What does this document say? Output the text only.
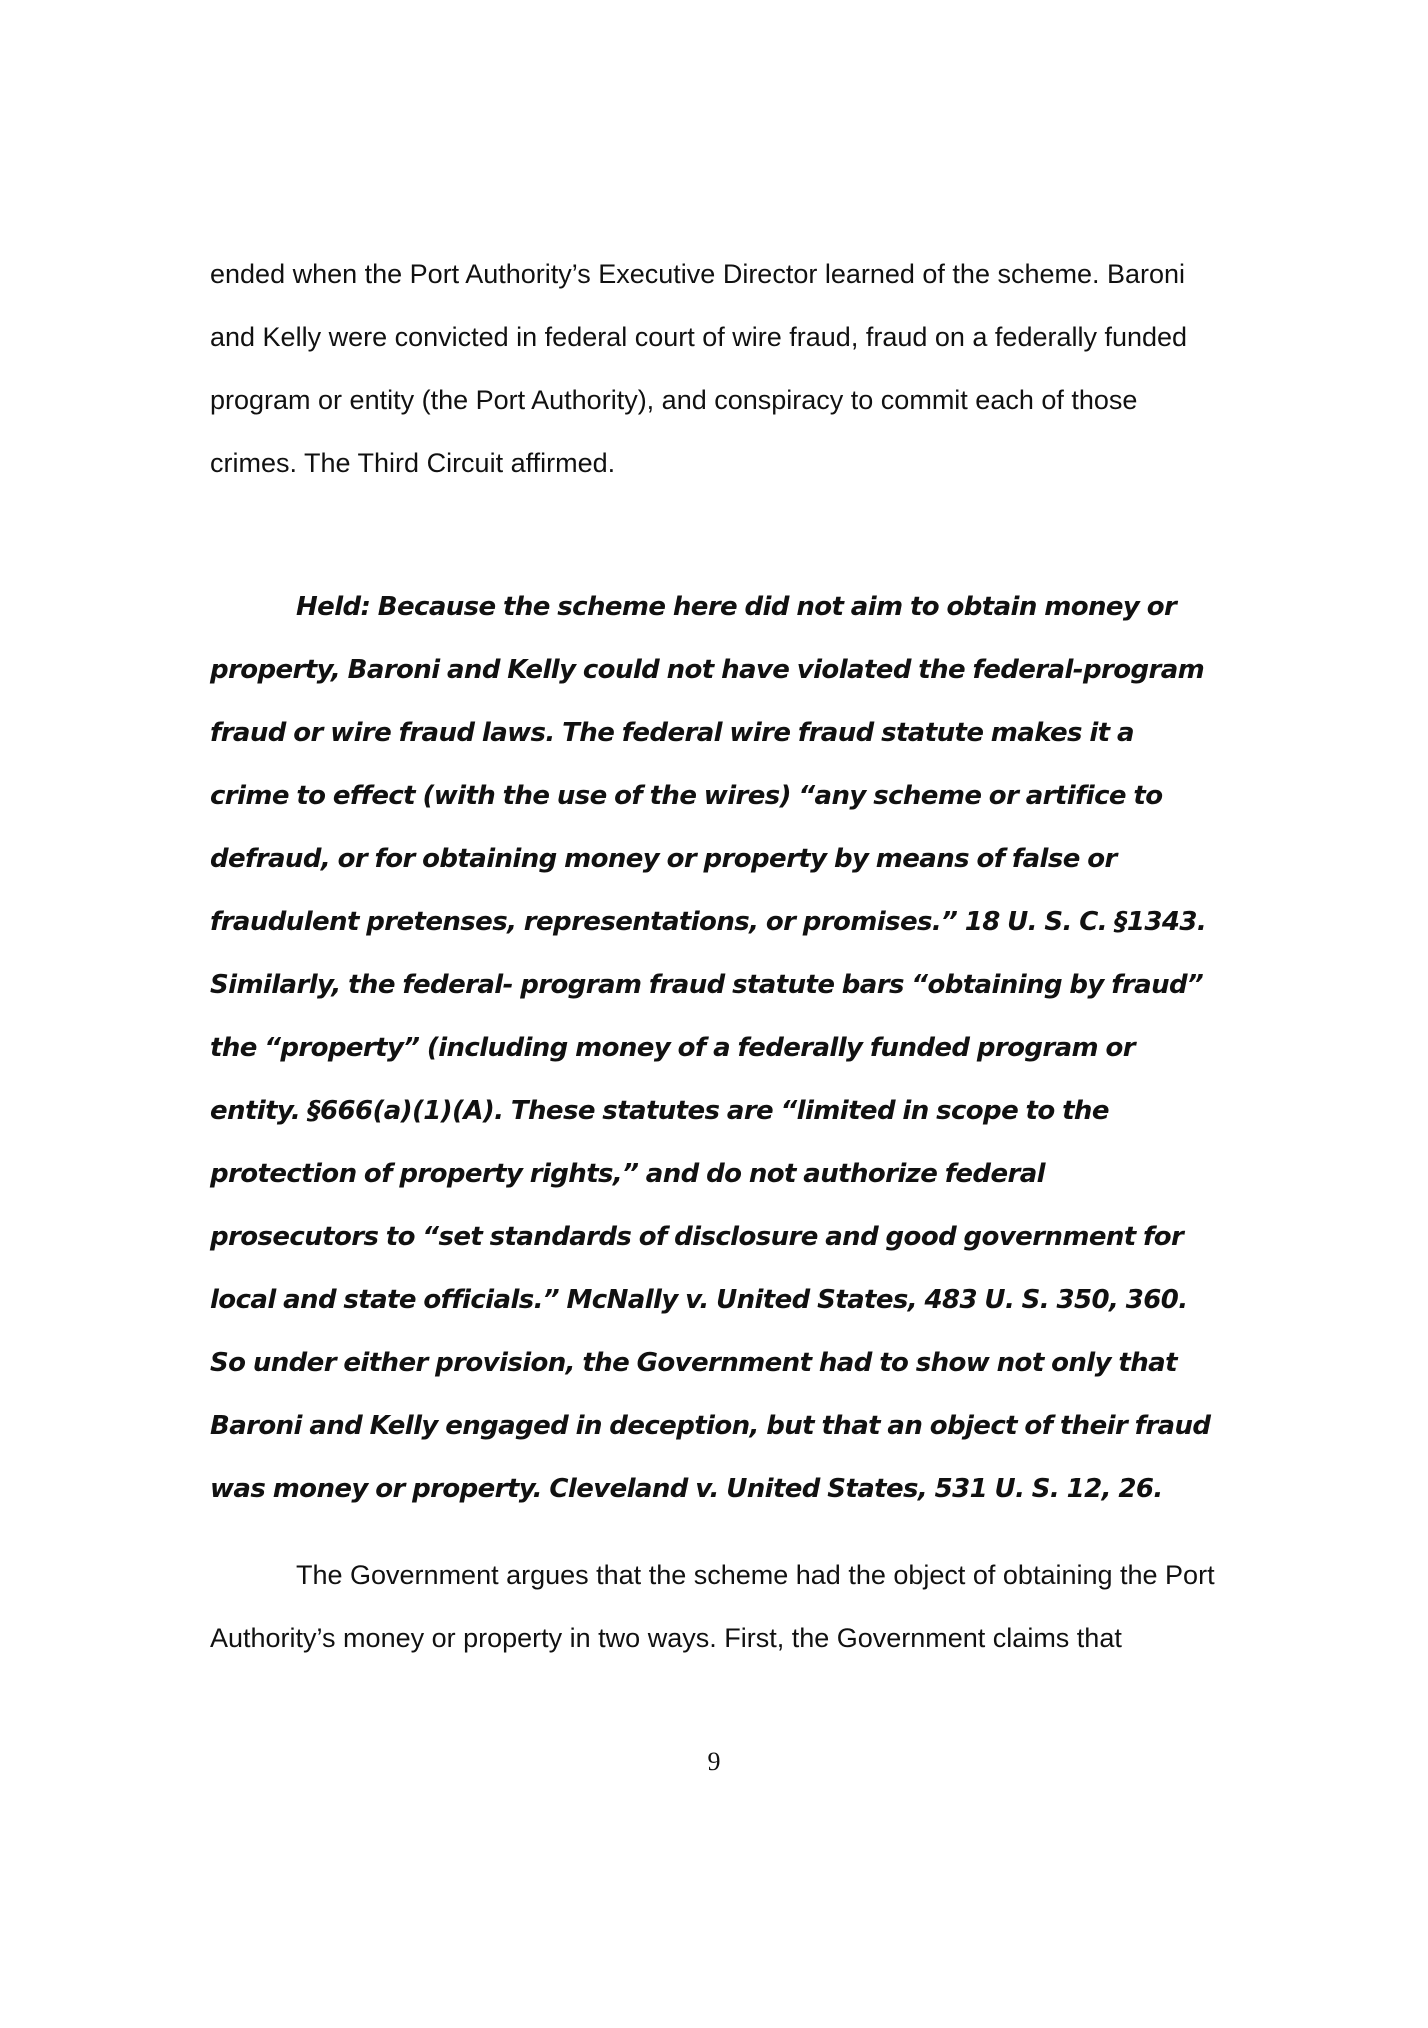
ended when the Port Authority’s Executive Director learned of the scheme. Baroni and Kelly were convicted in federal court of wire fraud, fraud on a federally funded program or entity (the Port Authority), and conspiracy to commit each of those crimes. The Third Circuit affirmed.

Held: Because the scheme here did not aim to obtain money or property, Baroni and Kelly could not have violated the federal-program fraud or wire fraud laws. The federal wire fraud statute makes it a crime to effect (with the use of the wires) “any scheme or artifice to defraud, or for obtaining money or property by means of false or fraudulent pretenses, representations, or promises.” 18 U. S. C. §1343. Similarly, the federal- program fraud statute bars “obtaining by fraud” the “property” (including money of a federally funded program or entity. §666(a)(1)(A). These statutes are “limited in scope to the protection of property rights,” and do not authorize federal prosecutors to “set standards of disclosure and good government for local and state officials.” McNally v. United States, 483 U. S. 350, 360. So under either provision, the Government had to show not only that Baroni and Kelly engaged in deception, but that an object of their fraud was money or property. Cleveland v. United States, 531 U. S. 12, 26.

The Government argues that the scheme had the object of obtaining the Port Authority’s money or property in two ways. First, the Government claims that

9
